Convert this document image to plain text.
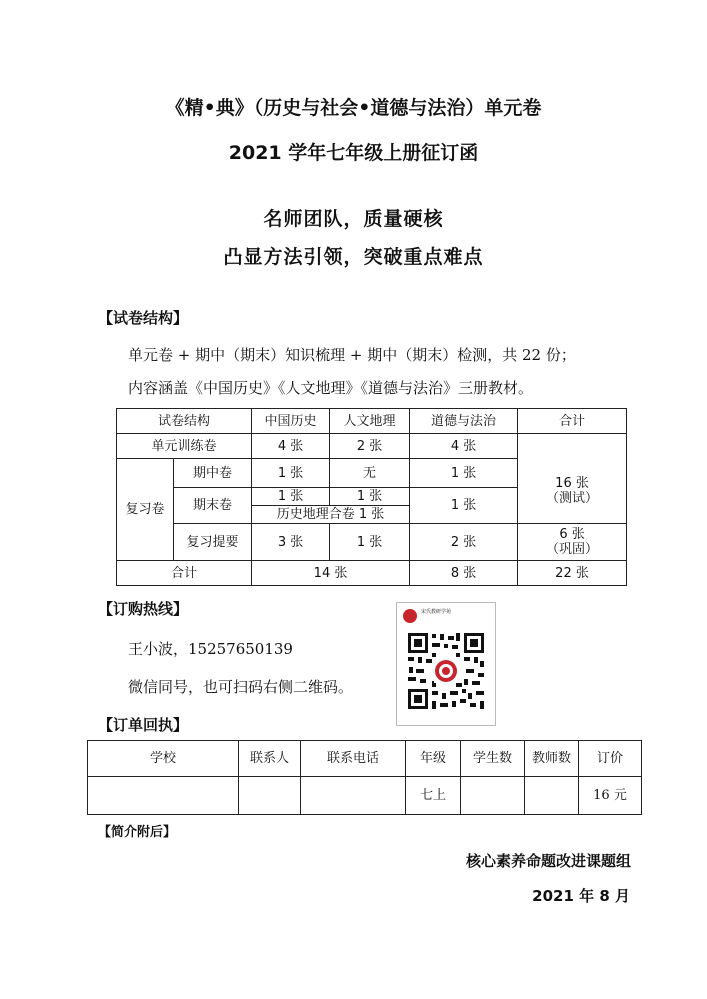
《精•典》（历史与社会•道德与法治）单元卷
2021 学年七年级上册征订函
名师团队，质量硬核
凸显方法引领，突破重点难点
【试卷结构】
单元卷 + 期中（期末）知识梳理 + 期中（期末）检测，共 22 份；
内容涵盖《中国历史》《人文地理》《道德与法治》三册教材。
试卷结构		中国历史	人文地理	道德与法治	合计
单元训练卷		4 张	2 张	4 张	
复习卷	期中卷	1 张	无	1 张	16 张
（测试）

	期末卷	1 张	1 张	1 张	
		历史地理合卷 1 张			
	复习提要	3 张	1 张	2 张	6 张
（巩固）

合计		14 张		8 张	22 张
【订购热线】
王小波，15257650139
微信同号，也可扫码右侧二维码。
宋氏教研学苑
【订单回执】
学校	联系人	联系电话	年级	学生数	教师数	订价
			七上			16 元
【简介附后】
核心素养命题改进课题组
2021 年 8 月
